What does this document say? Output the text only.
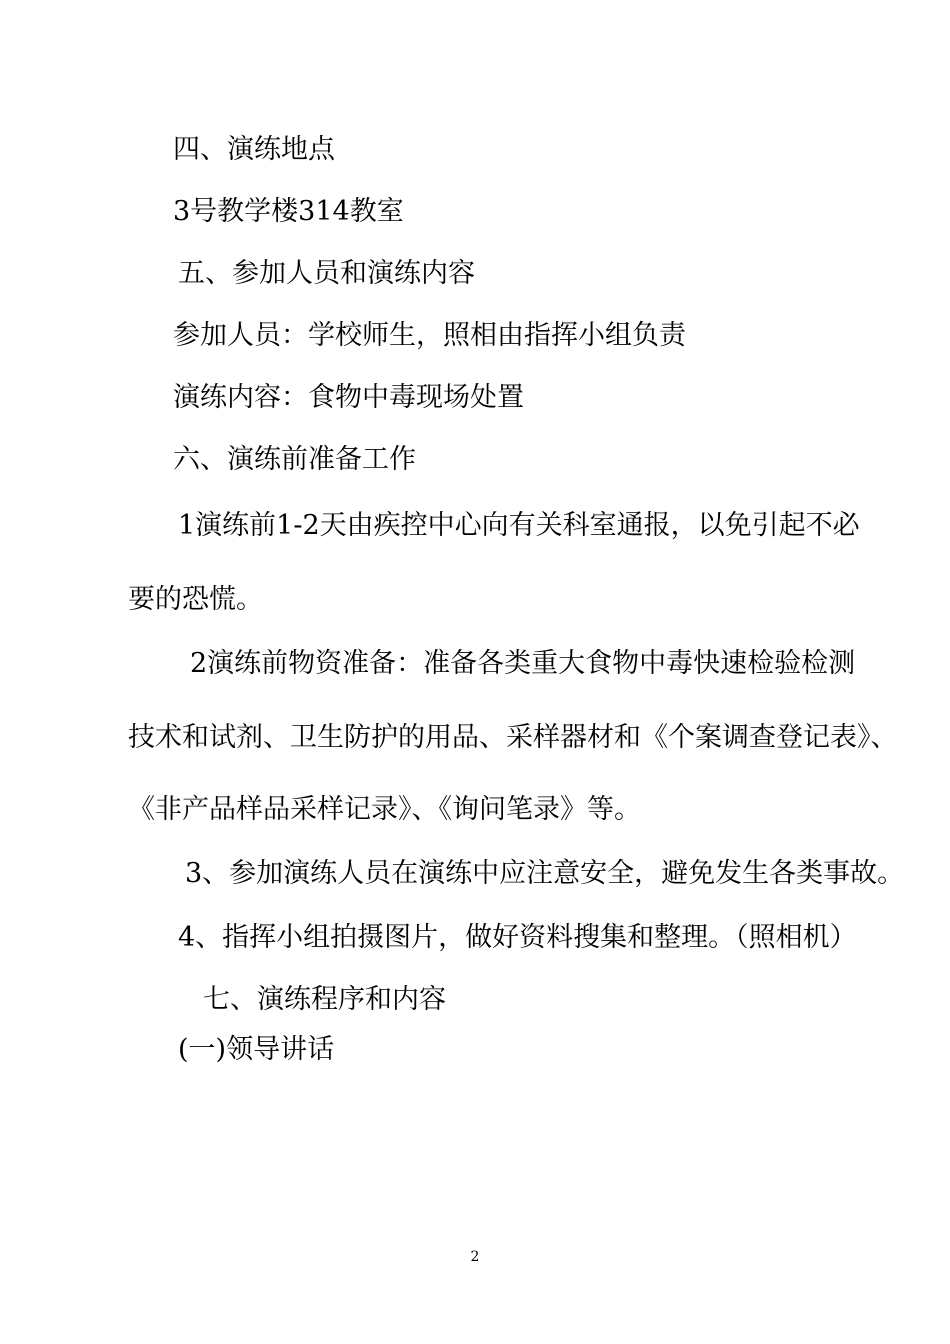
四、演练地点

3号教学楼314教室

五、参加人员和演练内容

参加人员：学校师生，照相由指挥小组负责

演练内容：食物中毒现场处置

六、演练前准备工作

1演练前1-2天由疾控中心向有关科室通报，以免引起不必

要的恐慌。

2演练前物资准备：准备各类重大食物中毒快速检验检测

技术和试剂、卫生防护的用品、采样器材和《个案调查登记表》、

《非产品样品采样记录》、《询问笔录》等。

3、参加演练人员在演练中应注意安全，避免发生各类事故。

4、指挥小组拍摄图片，做好资料搜集和整理。（照相机）

七、演练程序和内容

(一)领导讲话

2
